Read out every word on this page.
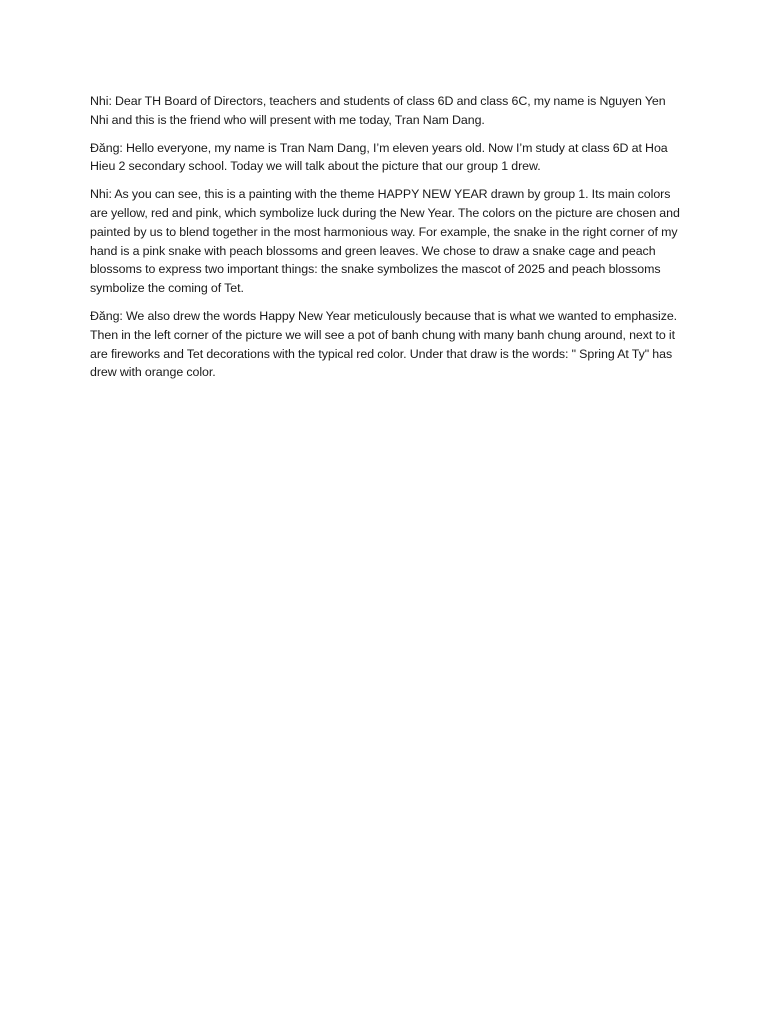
Nhi: Dear TH Board of Directors, teachers and students of class 6D and class 6C, my name is Nguyen Yen Nhi and this is the friend who will present with me today, Tran Nam Dang.

Đăng: Hello everyone, my name is Tran Nam Dang, I’m eleven years old. Now I’m study at class 6D at Hoa Hieu 2 secondary school. Today we will talk about the picture that our group 1 drew.

Nhi: As you can see, this is a painting with the theme HAPPY NEW YEAR drawn by group 1. Its main colors are yellow, red and pink, which symbolize luck during the New Year. The colors on the picture are chosen and painted by us to blend together in the most harmonious way. For example, the snake in the right corner of my hand is a pink snake with peach blossoms and green leaves. We chose to draw a snake cage and peach blossoms to express two important things: the snake symbolizes the mascot of 2025 and peach blossoms symbolize the coming of Tet.

Đăng: We also drew the words Happy New Year meticulously because that is what we wanted to emphasize. Then in the left corner of the picture we will see a pot of banh chung with many banh chung around, next to it are fireworks and Tet decorations with the typical red color. Under that draw is the words: " Spring At Ty" has drew with orange color.
